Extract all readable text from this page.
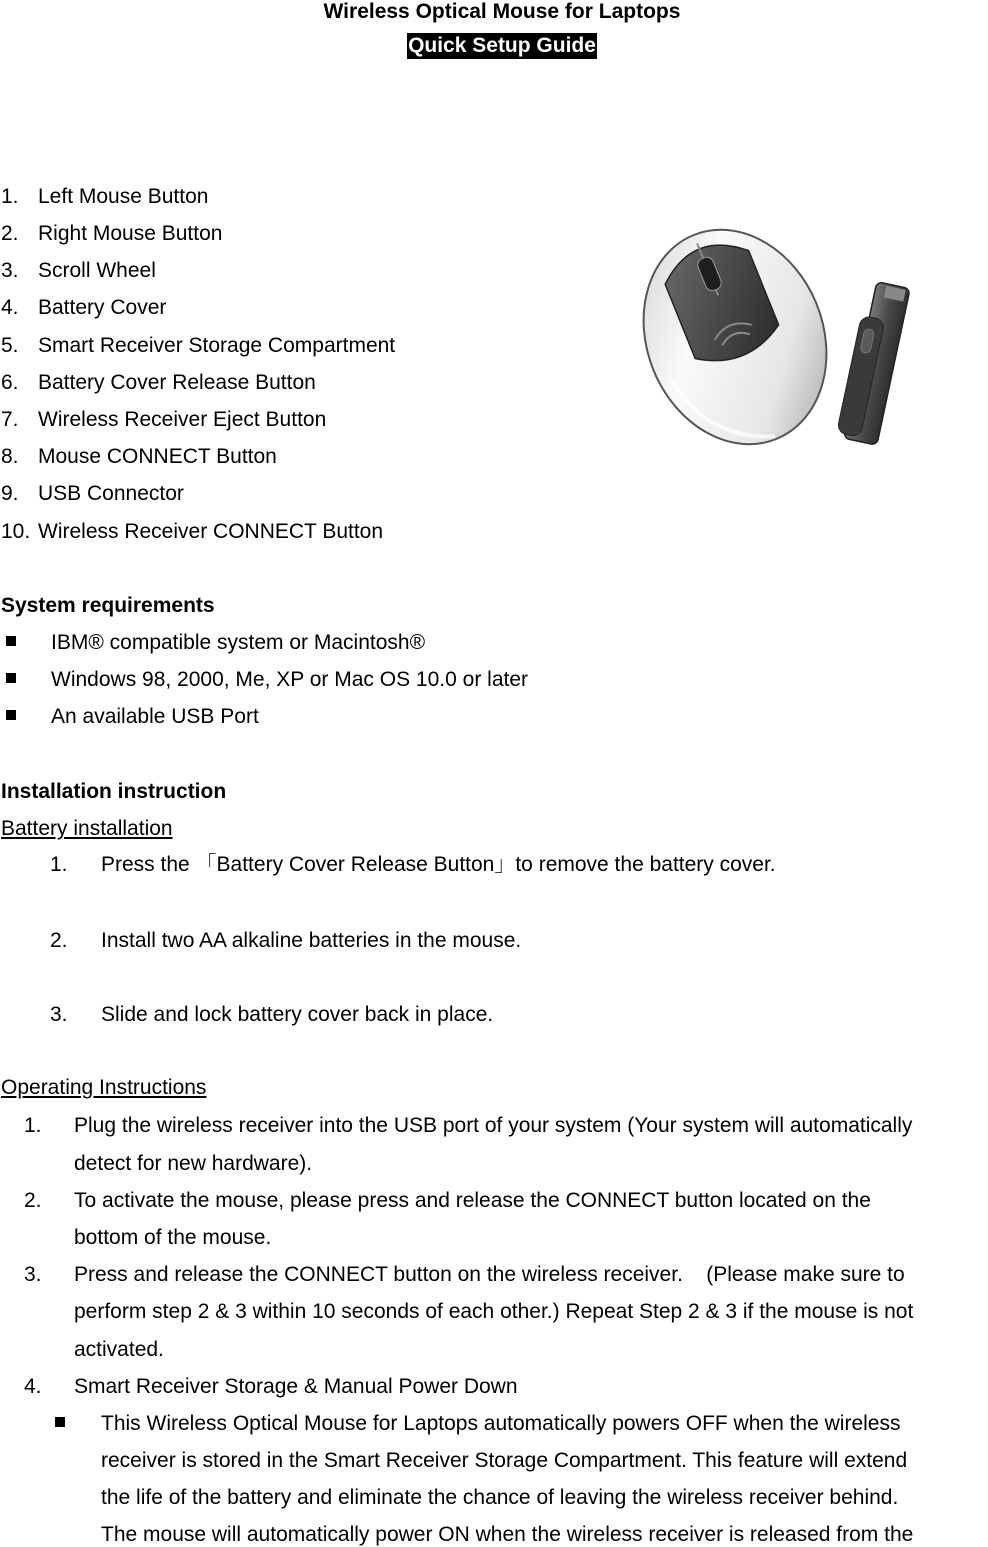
Wireless Optical Mouse for Laptops
Quick Setup Guide
1. Left Mouse Button
2. Right Mouse Button
3. Scroll Wheel
4. Battery Cover
5. Smart Receiver Storage Compartment
6. Battery Cover Release Button
7. Wireless Receiver Eject Button
8. Mouse CONNECT Button
9. USB Connector
10. Wireless Receiver CONNECT Button
System requirements
IBM® compatible system or Macintosh®
Windows 98, 2000, Me, XP or Mac OS 10.0 or later
An available USB Port
Installation instruction
Battery installation
1. Press the 「Battery Cover Release Button」to remove the battery cover.
2. Install two AA alkaline batteries in the mouse.
3. Slide and lock battery cover back in place.
Operating Instructions
1. Plug the wireless receiver into the USB port of your system (Your system will automatically
detect for new hardware).
2. To activate the mouse, please press and release the CONNECT button located on the
bottom of the mouse.
3. Press and release the CONNECT button on the wireless receiver.    (Please make sure to
perform step 2 & 3 within 10 seconds of each other.) Repeat Step 2 & 3 if the mouse is not
activated.
4. Smart Receiver Storage & Manual Power Down
This Wireless Optical Mouse for Laptops automatically powers OFF when the wireless
receiver is stored in the Smart Receiver Storage Compartment. This feature will extend
the life of the battery and eliminate the chance of leaving the wireless receiver behind.
The mouse will automatically power ON when the wireless receiver is released from the
